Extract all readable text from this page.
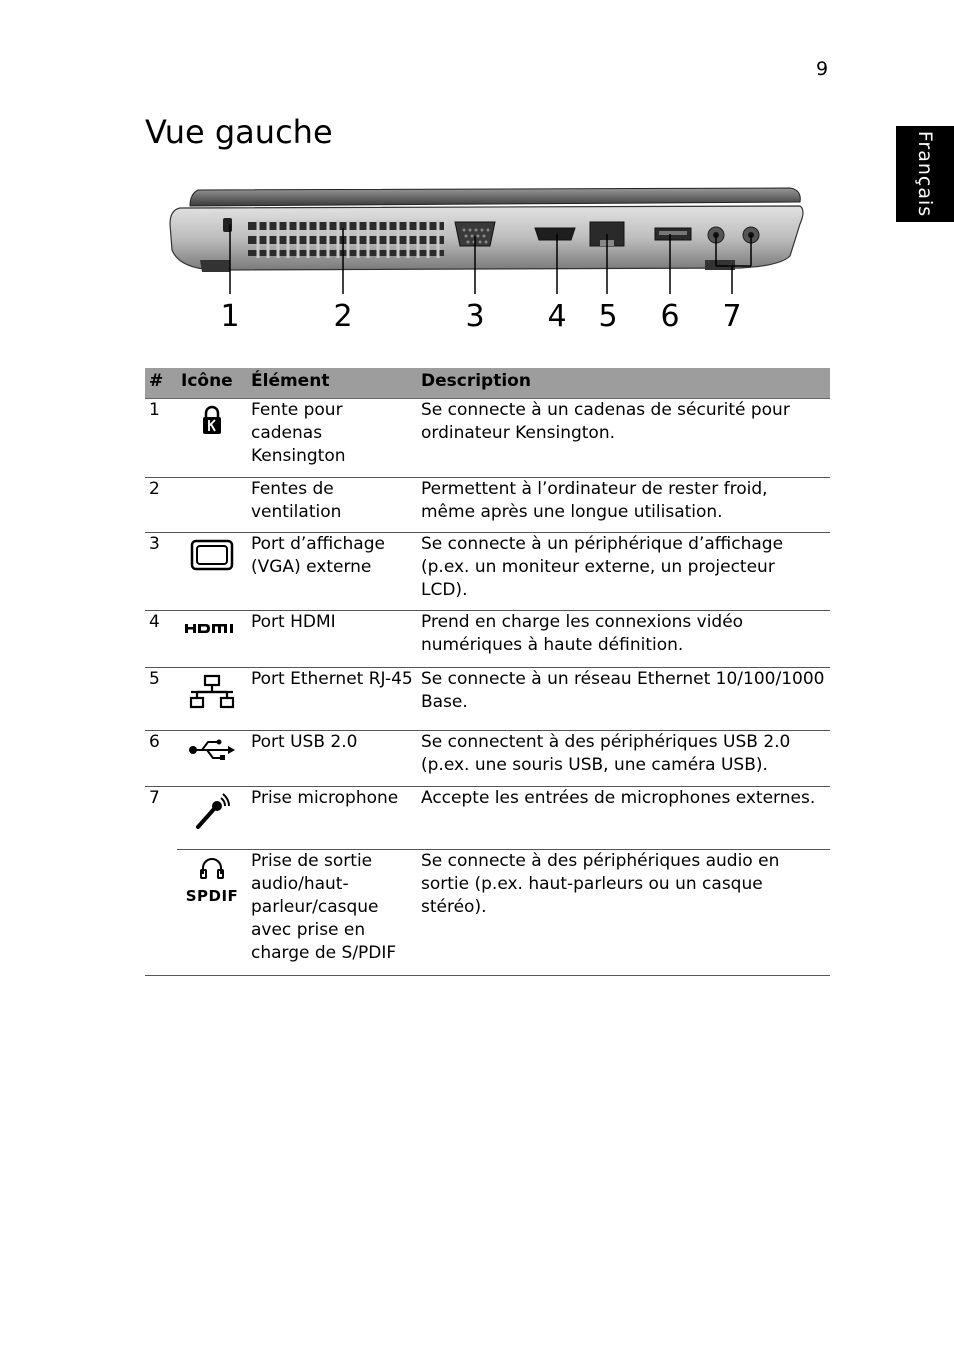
9
Français
Vue gauche
1	2	3 4 5 6 7
#	Icône	Élément	Description
1		Fente pour cadenas Kensington	Se connecte à un cadenas de sécurité pour ordinateur Kensington.
2		Fentes de ventilation	Permettent à l’ordinateur de rester froid, même après une longue utilisation.
3		Port d’affichage (VGA) externe	Se connecte à un périphérique d’affichage (p.ex. un moniteur externe, un projecteur LCD).
4		Port HDMI	Prend en charge les connexions vidéo numériques à haute définition.
5		Port Ethernet RJ-45	Se connecte à un réseau Ethernet 10/100/1000 Base.
6		Port USB 2.0	Se connectent à des périphériques USB 2.0 (p.ex. une souris USB, une caméra USB).
7		Prise microphone	Accepte les entrées de microphones externes.

	SPDIF	Prise de sortie audio/haut-parleur/casque avec prise en charge de S/PDIF	Se connecte à des périphériques audio en sortie (p.ex. haut-parleurs ou un casque stéréo).
